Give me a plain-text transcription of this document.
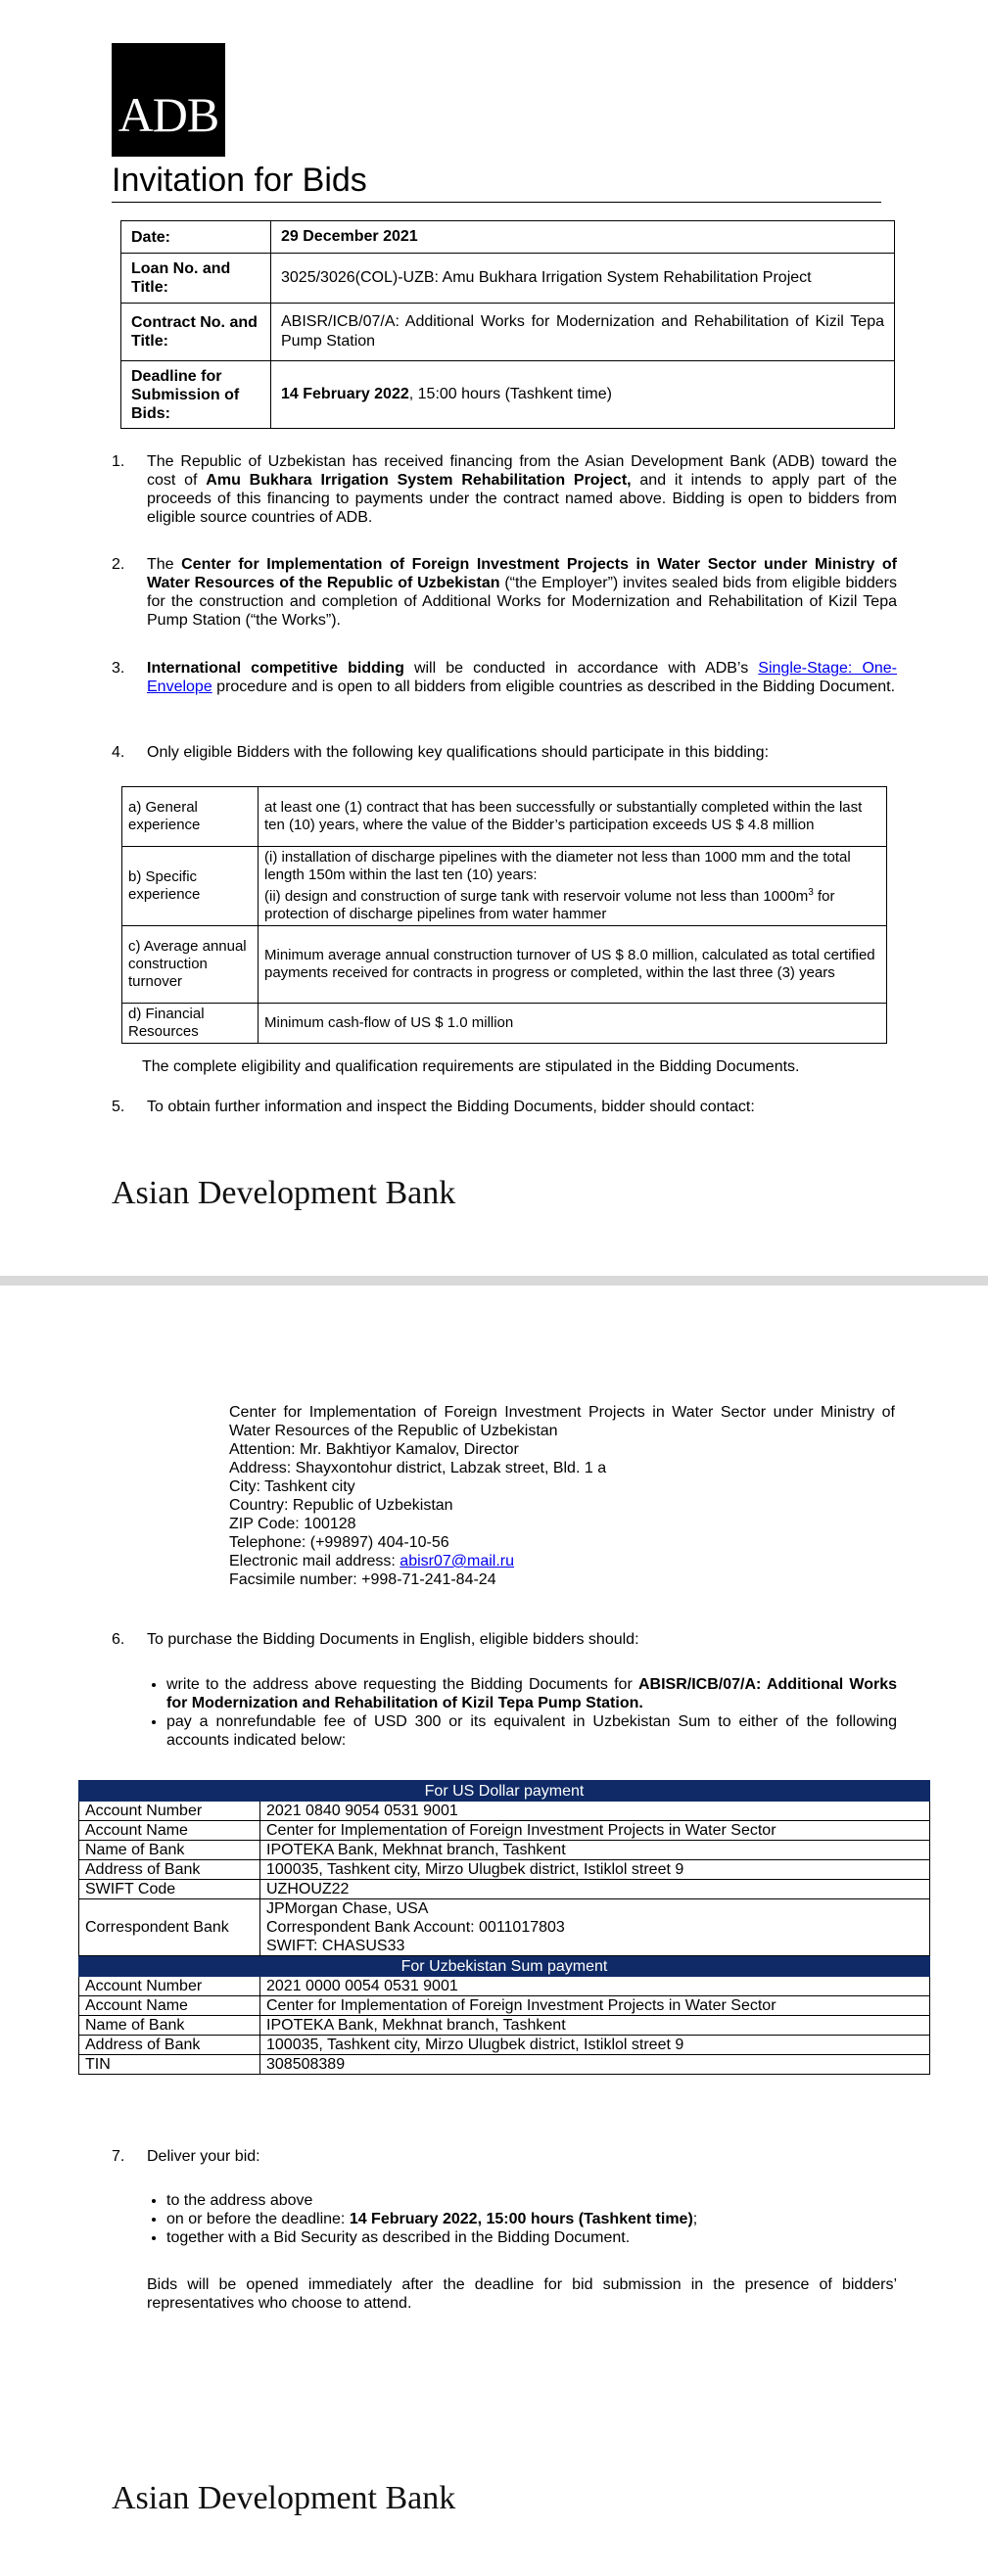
ADB
Invitation for Bids
Date:	29 December 2021
Loan No. and Title:	3025/3026(COL)-UZB: Amu Bukhara Irrigation System Rehabilitation Project
Contract No. and Title:	ABISR/ICB/07/A: Additional Works for Modernization and Rehabilitation of Kizil Tepa Pump Station
Deadline for Submission of Bids:	14 February 2022, 15:00 hours (Tashkent time)
1.	The Republic of Uzbekistan has received financing from the Asian Development Bank (ADB) toward the cost of Amu Bukhara Irrigation System Rehabilitation Project, and it intends to apply part of the proceeds of this financing to payments under the contract named above. Bidding is open to bidders from eligible source countries of ADB.
2.	The Center for Implementation of Foreign Investment Projects in Water Sector under Ministry of Water Resources of the Republic of Uzbekistan (“the Employer”) invites sealed bids from eligible bidders for the construction and completion of Additional Works for Modernization and Rehabilitation of Kizil Tepa Pump Station (“the Works”).
3.	International competitive bidding will be conducted in accordance with ADB’s Single-Stage: One-Envelope procedure and is open to all bidders from eligible countries as described in the Bidding Document.
4.	Only eligible Bidders with the following key qualifications should participate in this bidding:
a) General experience	at least one (1) contract that has been successfully or substantially completed within the last ten (10) years, where the value of the Bidder’s participation exceeds US $ 4.8 million
b) Specific experience	(i) installation of discharge pipelines with the diameter not less than 1000 mm and the total length 150m within the last ten (10) years:
(ii) design and construction of surge tank with reservoir volume not less than $1000m^3$ for protection of discharge pipelines from water hammer
c) Average annual construction turnover	Minimum average annual construction turnover of US $ 8.0 million, calculated as total certified payments received for contracts in progress or completed, within the last three (3) years
d) Financial Resources	Minimum cash-flow of US $ 1.0 million
The complete eligibility and qualification requirements are stipulated in the Bidding Documents.
5.	To obtain further information and inspect the Bidding Documents, bidder should contact:
Asian Development Bank
Center for Implementation of Foreign Investment Projects in Water Sector under Ministry of Water Resources of the Republic of Uzbekistan
Attention: Mr. Bakhtiyor Kamalov, Director
Address: Shayxontohur district, Labzak street, Bld. 1 a
City: Tashkent city
Country: Republic of Uzbekistan
ZIP Code: 100128
Telephone: (+99897) 404-10-56
Electronic mail address: abisr07@mail.ru
Facsimile number: +998-71-241-84-24
6.	To purchase the Bidding Documents in English, eligible bidders should:
• write to the address above requesting the Bidding Documents for ABISR/ICB/07/A: Additional Works for Modernization and Rehabilitation of Kizil Tepa Pump Station.
• pay a nonrefundable fee of USD 300 or its equivalent in Uzbekistan Sum to either of the following accounts indicated below:
For US Dollar payment	
Account Number	2021 0840 9054 0531 9001
Account Name	Center for Implementation of Foreign Investment Projects in Water Sector
Name of Bank	IPOTEKA Bank, Mekhnat branch, Tashkent
Address of Bank	100035, Tashkent city, Mirzo Ulugbek district, Istiklol street 9
SWIFT Code	UZHOUZ22
Correspondent Bank	JPMorgan Chase, USA
Correspondent Bank Account: 0011017803
SWIFT: CHASUS33

For Uzbekistan Sum payment	
Account Number	2021 0000 0054 0531 9001
Account Name	Center for Implementation of Foreign Investment Projects in Water Sector
Name of Bank	IPOTEKA Bank, Mekhnat branch, Tashkent
Address of Bank	100035, Tashkent city, Mirzo Ulugbek district, Istiklol street 9
TIN	308508389
7.	Deliver your bid:
• to the address above
• on or before the deadline: 14 February 2022, 15:00 hours (Tashkent time);
• together with a Bid Security as described in the Bidding Document.
Bids will be opened immediately after the deadline for bid submission in the presence of bidders’ representatives who choose to attend.
Asian Development Bank
